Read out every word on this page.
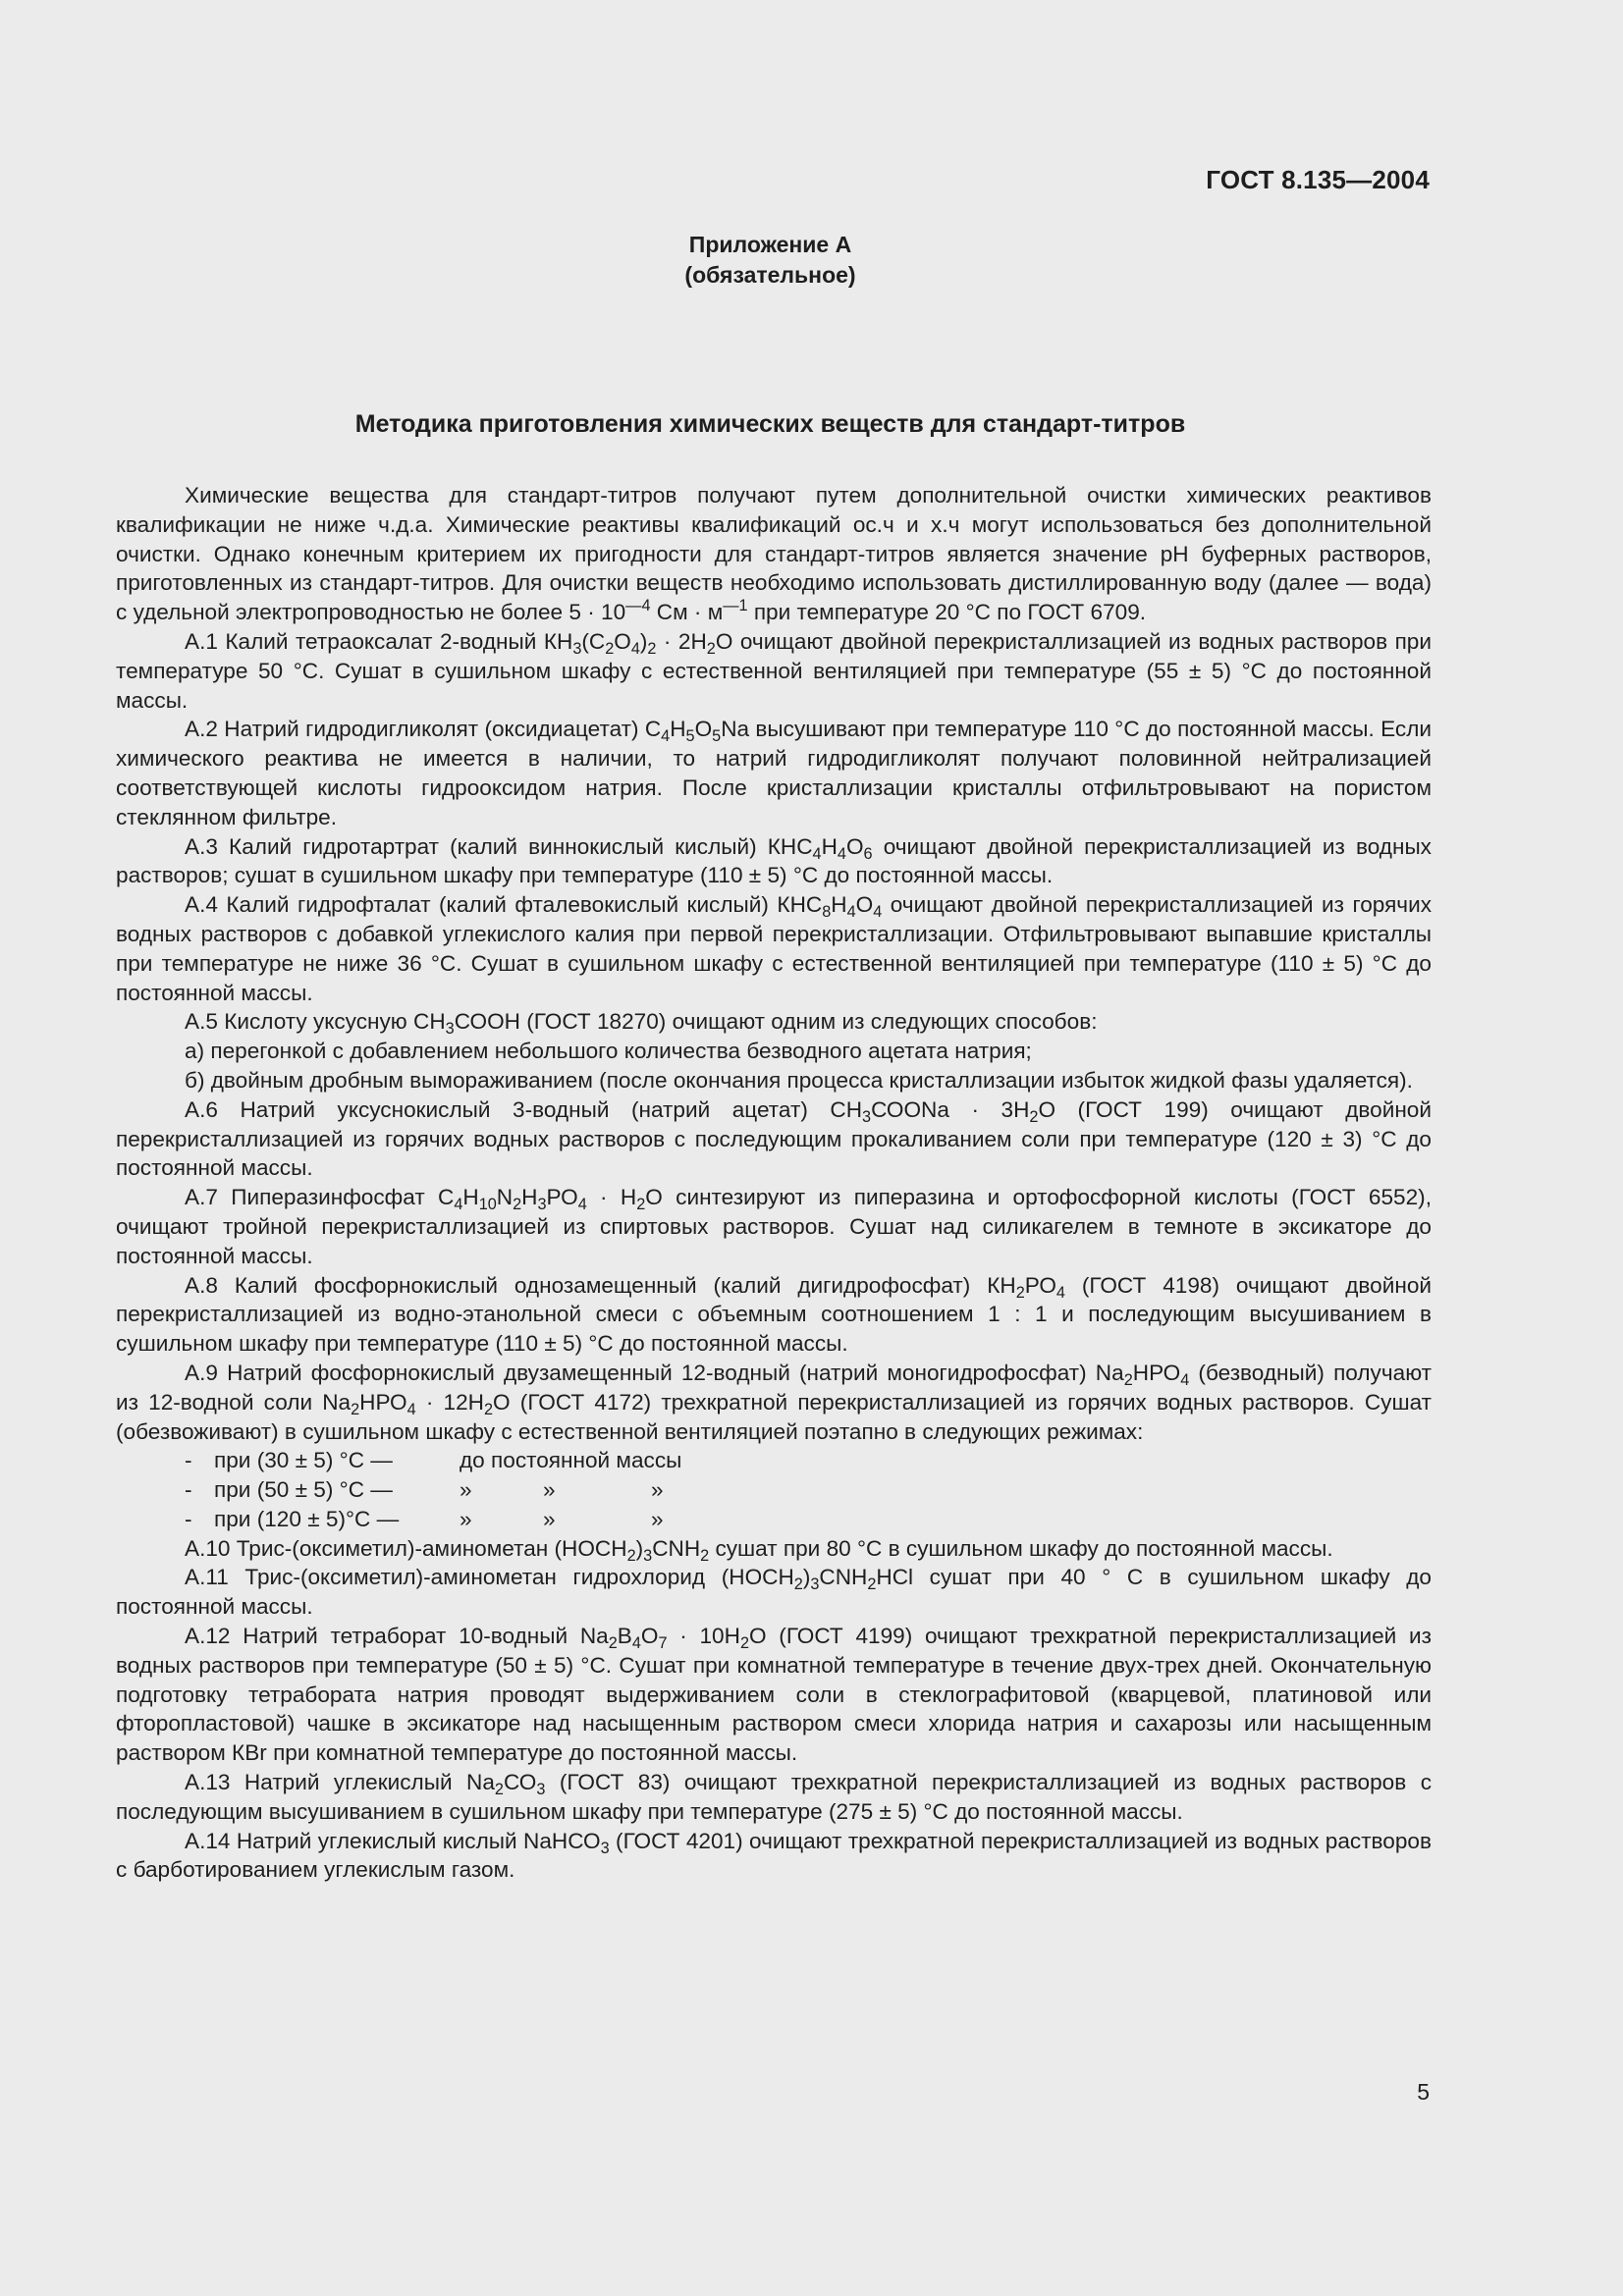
ГОСТ 8.135—2004
Приложение А
(обязательное)
Методика приготовления химических веществ для стандарт-титров

Химические вещества для стандарт-титров получают путем дополнительной очистки химических реактивов квалификации не ниже ч.д.а. Химические реактивы квалификаций ос.ч и х.ч могут использоваться без дополнительной очистки. Однако конечным критерием их пригодности для стандарт-титров является значение pH буферных растворов, приготовленных из стандарт-титров. Для очистки веществ необходимо использовать дистиллированную воду (далее — вода) с удельной электропроводностью не более $5 \cdot 10^{—4}$ См · $м^{—1}$ при температуре 20 °С по ГОСТ 6709.

А.1 Калий тетраоксалат 2-водный $КН_3(С_2О_4)_2 \cdot 2Н_2О$ очищают двойной перекристаллизацией из водных растворов при температуре 50 °С. Сушат в сушильном шкафу с естественной вентиляцией при температуре (55 ± 5) °С до постоянной массы.

А.2 Натрий гидродигликолят (оксидиацетат) $С_4Н_5О_5Na$ высушивают при температуре 110 °С до постоянной массы. Если химического реактива не имеется в наличии, то натрий гидродигликолят получают половинной нейтрализацией соответствующей кислоты гидрооксидом натрия. После кристаллизации кристаллы отфильтровывают на пористом стеклянном фильтре.

А.3 Калий гидротартрат (калий виннокислый кислый) $КНС_4Н_4О_6$ очищают двойной перекристаллизацией из водных растворов; сушат в сушильном шкафу при температуре (110 ± 5) °С до постоянной массы.

А.4 Калий гидрофталат (калий фталевокислый кислый) $КНС_8Н_4О_4$ очищают двойной перекристаллизацией из горячих водных растворов с добавкой углекислого калия при первой перекристаллизации. Отфильтровывают выпавшие кристаллы при температуре не ниже 36 °С. Сушат в сушильном шкафу с естественной вентиляцией при температуре (110 ± 5) °С до постоянной массы.

А.5 Кислоту уксусную $СН_3СООН$ (ГОСТ 18270) очищают одним из следующих способов:

а) перегонкой с добавлением небольшого количества безводного ацетата натрия;

б) двойным дробным вымораживанием (после окончания процесса кристаллизации избыток жидкой фазы удаляется).

А.6 Натрий уксуснокислый 3-водный (натрий ацетат) $СН_3СООNa \cdot 3Н_2О$ (ГОСТ 199) очищают двойной перекристаллизацией из горячих водных растворов с последующим прокаливанием соли при температуре (120 ± 3) °С до постоянной массы.

А.7 Пиперазинфосфат $С_4Н_{10}N_2Н_3РО_4 \cdot Н_2О$ синтезируют из пиперазина и ортофосфорной кислоты (ГОСТ 6552), очищают тройной перекристаллизацией из спиртовых растворов. Сушат над силикагелем в темноте в эксикаторе до постоянной массы.

А.8 Калий фосфорнокислый однозамещенный (калий дигидрофосфат) $КН_2РО_4$ (ГОСТ 4198) очищают двойной перекристаллизацией из водно-этанольной смеси с объемным соотношением 1 : 1 и последующим высушиванием в сушильном шкафу при температуре (110 ± 5) °С до постоянной массы.

А.9 Натрий фосфорнокислый двузамещенный 12-водный (натрий моногидрофосфат) $Na_2НРО_4$ (безводный) получают из 12-водной соли $Na_2НРО_4 \cdot 12Н_2О$ (ГОСТ 4172) трехкратной перекристаллизацией из горячих водных растворов. Сушат (обезвоживают) в сушильном шкафу с естественной вентиляцией поэтапно в следующих режимах:

- при (30 ± 5) °С —	до постоянной массы
- при (50 ± 5) °С —	»	»	»
- при (120 ± 5)°С —	»	»	»

А.10 Трис-(оксиметил)-аминометан $(НОСН_2)_3СNН_2$ сушат при 80 °С в сушильном шкафу до постоянной массы.

А.11 Трис-(оксиметил)-аминометан гидрохлорид $(НОСН_2)_3СNН_2НСl$ сушат при 40 ° С в сушильном шкафу до постоянной массы.

А.12 Натрий тетраборат 10-водный $Na_2В_4О_7 \cdot 10Н_2О$ (ГОСТ 4199) очищают трехкратной перекристаллизацией из водных растворов при температуре (50 ± 5) °С. Сушат при комнатной температуре в течение двух-трех дней. Окончательную подготовку тетрабората натрия проводят выдерживанием соли в стеклографитовой (кварцевой, платиновой или фторопластовой) чашке в эксикаторе над насыщенным раствором смеси хлорида натрия и сахарозы или насыщенным раствором КВr при комнатной температуре до постоянной массы.

А.13 Натрий углекислый $Na_2СО_3$ (ГОСТ 83) очищают трехкратной перекристаллизацией из водных растворов с последующим высушиванием в сушильном шкафу при температуре (275 ± 5) °С до постоянной массы.

А.14 Натрий углекислый кислый NaНСО$_3$ (ГОСТ 4201) очищают трехкратной перекристаллизацией из водных растворов с барботированием углекислым газом.

5
